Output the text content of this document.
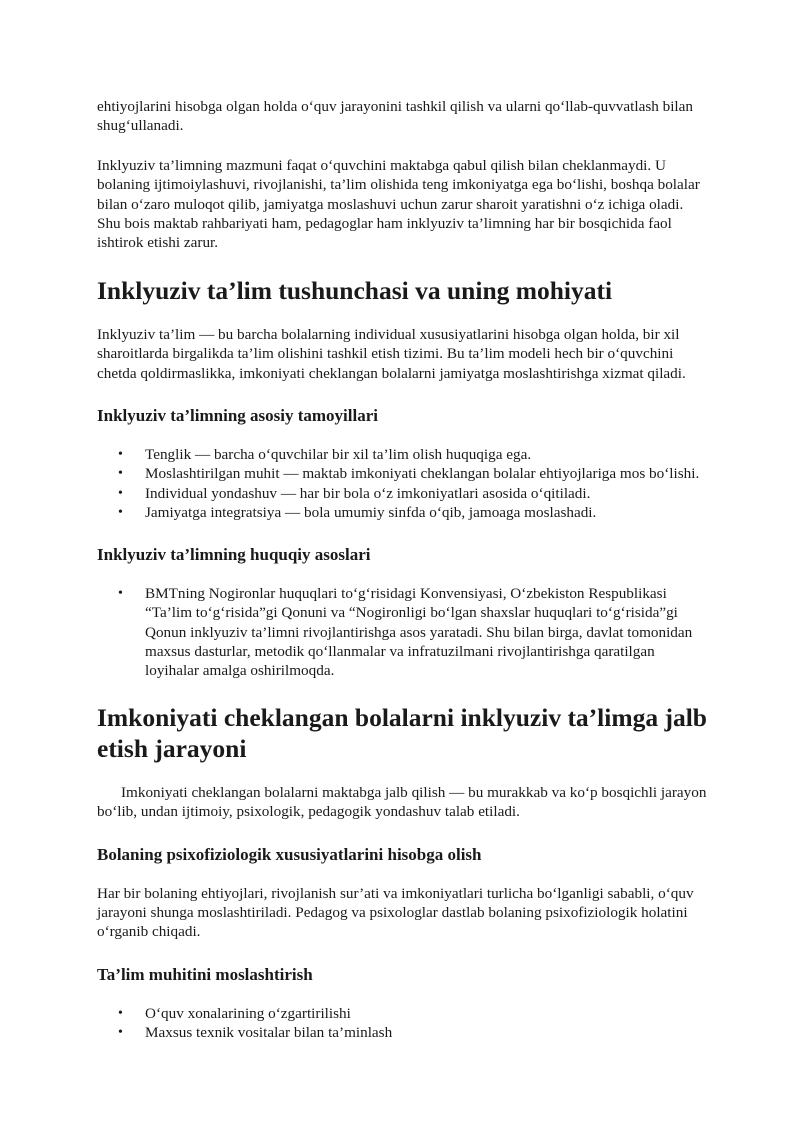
ehtiyojlarini hisobga olgan holda o‘quv jarayonini tashkil qilish va ularni qo‘llab-quvvatlash bilan shug‘ullanadi.

Inklyuziv ta’limning mazmuni faqat o‘quvchini maktabga qabul qilish bilan cheklanmaydi. U bolaning ijtimoiylashuvi, rivojlanishi, ta’lim olishida teng imkoniyatga ega bo‘lishi, boshqa bolalar bilan o‘zaro muloqot qilib, jamiyatga moslashuvi uchun zarur sharoit yaratishni o‘z ichiga oladi. Shu bois maktab rahbariyati ham, pedagoglar ham inklyuziv ta’limning har bir bosqichida faol ishtirok etishi zarur.

Inklyuziv ta’lim tushunchasi va uning mohiyati

Inklyuziv ta’lim — bu barcha bolalarning individual xususiyatlarini hisobga olgan holda, bir xil sharoitlarda birgalikda ta’lim olishini tashkil etish tizimi. Bu ta’lim modeli hech bir o‘quvchini chetda qoldirmaslikka, imkoniyati cheklangan bolalarni jamiyatga moslashtirishga xizmat qiladi.

Inklyuziv ta’limning asosiy tamoyillari
• Tenglik — barcha o‘quvchilar bir xil ta’lim olish huquqiga ega.
• Moslashtirilgan muhit — maktab imkoniyati cheklangan bolalar ehtiyojlariga mos bo‘lishi.
• Individual yondashuv — har bir bola o‘z imkoniyatlari asosida o‘qitiladi.
• Jamiyatga integratsiya — bola umumiy sinfda o‘qib, jamoaga moslashadi.
Inklyuziv ta’limning huquqiy asoslari
• BMTning Nogironlar huquqlari to‘g‘risidagi Konvensiyasi, O‘zbekiston Respublikasi “Ta’lim to‘g‘risida”gi Qonuni va “Nogironligi bo‘lgan shaxslar huquqlari to‘g‘risida”gi Qonun inklyuziv ta’limni rivojlantirishga asos yaratadi. Shu bilan birga, davlat tomonidan maxsus dasturlar, metodik qo‘llanmalar va infratuzilmani rivojlantirishga qaratilgan loyihalar amalga oshirilmoqda.
Imkoniyati cheklangan bolalarni inklyuziv ta’limga jalb etish jarayoni

Imkoniyati cheklangan bolalarni maktabga jalb qilish — bu murakkab va ko‘p bosqichli jarayon bo‘lib, undan ijtimoiy, psixologik, pedagogik yondashuv talab etiladi.

Bolaning psixofiziologik xususiyatlarini hisobga olish

Har bir bolaning ehtiyojlari, rivojlanish sur’ati va imkoniyatlari turlicha bo‘lganligi sababli, o‘quv jarayoni shunga moslashtiriladi. Pedagog va psixologlar dastlab bolaning psixofiziologik holatini o‘rganib chiqadi.

Ta’lim muhitini moslashtirish
• O‘quv xonalarining o‘zgartirilishi
• Maxsus texnik vositalar bilan ta’minlash
